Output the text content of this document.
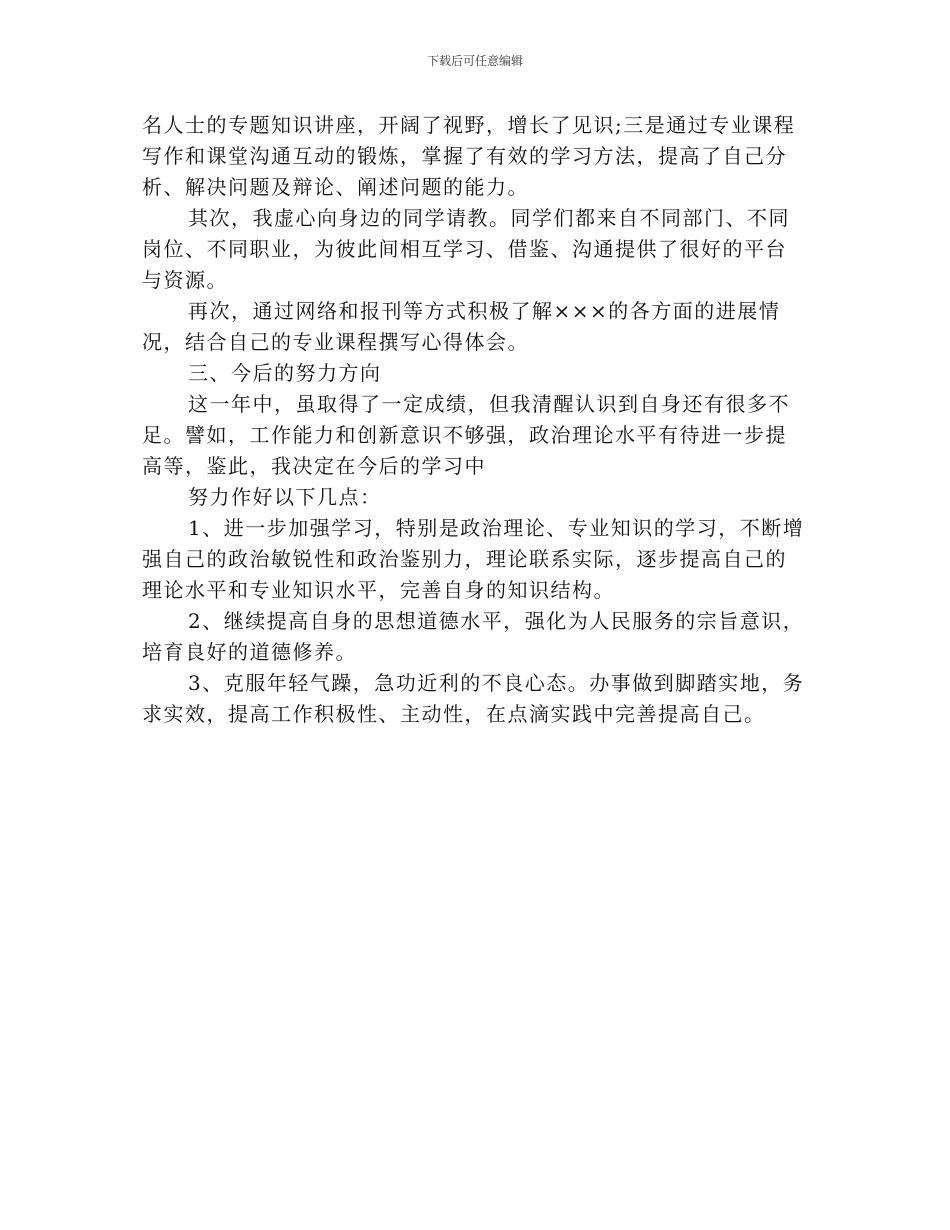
下载后可任意编辑
名人士的专题知识讲座，开阔了视野，增长了见识;三是通过专业课程
写作和课堂沟通互动的锻炼，掌握了有效的学习方法，提高了自己分
析、解决问题及辩论、阐述问题的能力。
其次，我虚心向身边的同学请教。同学们都来自不同部门、不同
岗位、不同职业，为彼此间相互学习、借鉴、沟通提供了很好的平台
与资源。
再次，通过网络和报刊等方式积极了解×××的各方面的进展情
况，结合自己的专业课程撰写心得体会。
三、今后的努力方向
这一年中，虽取得了一定成绩，但我清醒认识到自身还有很多不
足。譬如，工作能力和创新意识不够强，政治理论水平有待进一步提
高等，鉴此，我决定在今后的学习中
努力作好以下几点：
1、进一步加强学习，特别是政治理论、专业知识的学习，不断增
强自己的政治敏锐性和政治鉴别力，理论联系实际，逐步提高自己的
理论水平和专业知识水平，完善自身的知识结构。
2、继续提高自身的思想道德水平，强化为人民服务的宗旨意识，
培育良好的道德修养。
3、克服年轻气躁，急功近利的不良心态。办事做到脚踏实地，务
求实效，提高工作积极性、主动性，在点滴实践中完善提高自己。
